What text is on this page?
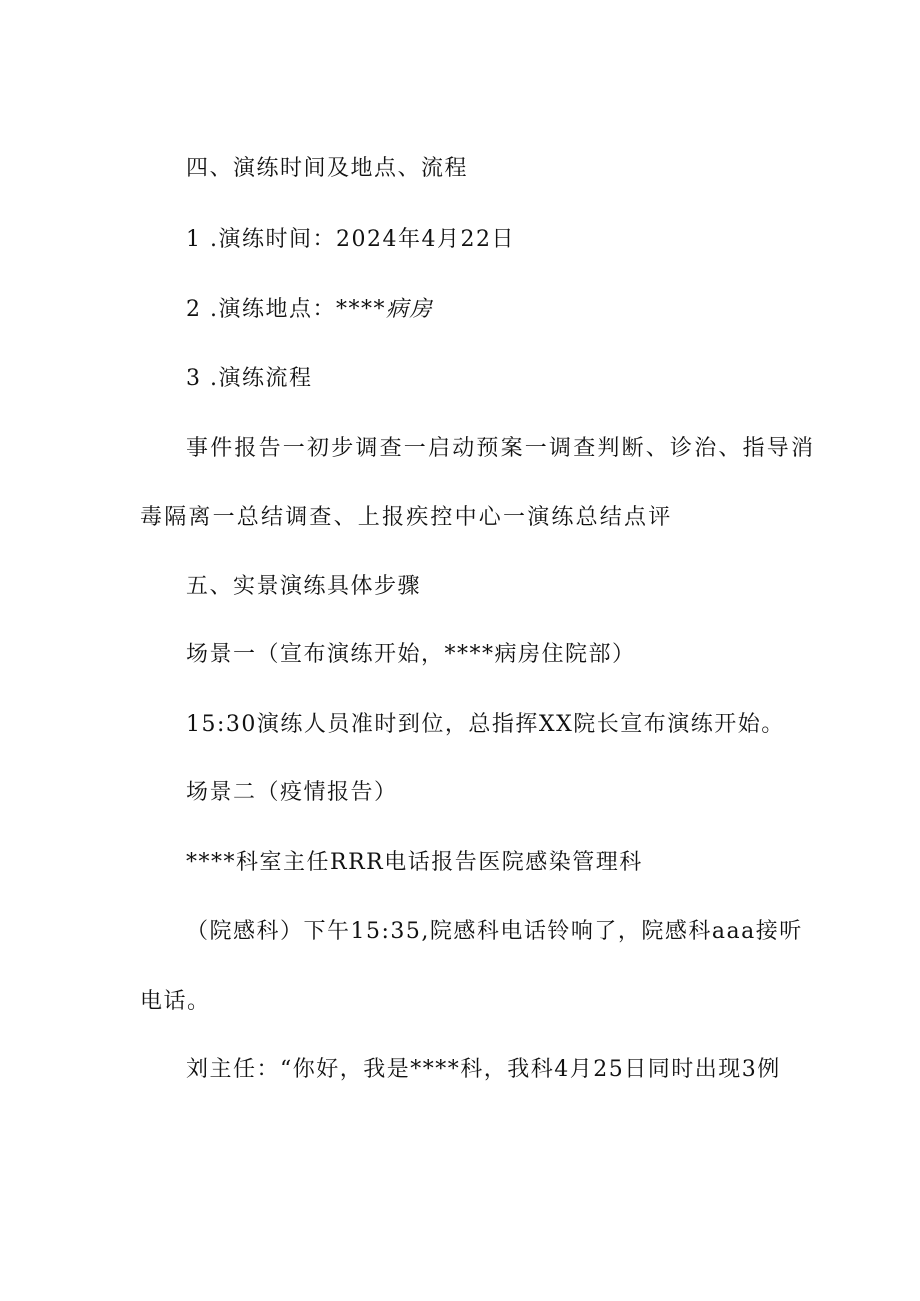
四、演练时间及地点、流程
1 .演练时间：2024年4月22日
2 .演练地点：****病房
3 .演练流程
事件报告一初步调查一启动预案一调查判断、诊治、指导消
毒隔离一总结调查、上报疾控中心一演练总结点评
五、实景演练具体步骤
场景一（宣布演练开始，****病房住院部）
15:30演练人员准时到位，总指挥XX院长宣布演练开始。
场景二（疫情报告）
****科室主任RRR电话报告医院感染管理科
（院感科）下午15:35,院感科电话铃响了，院感科aaa接听
电话。
刘主任：“你好，我是****科，我科4月25日同时出现3例
